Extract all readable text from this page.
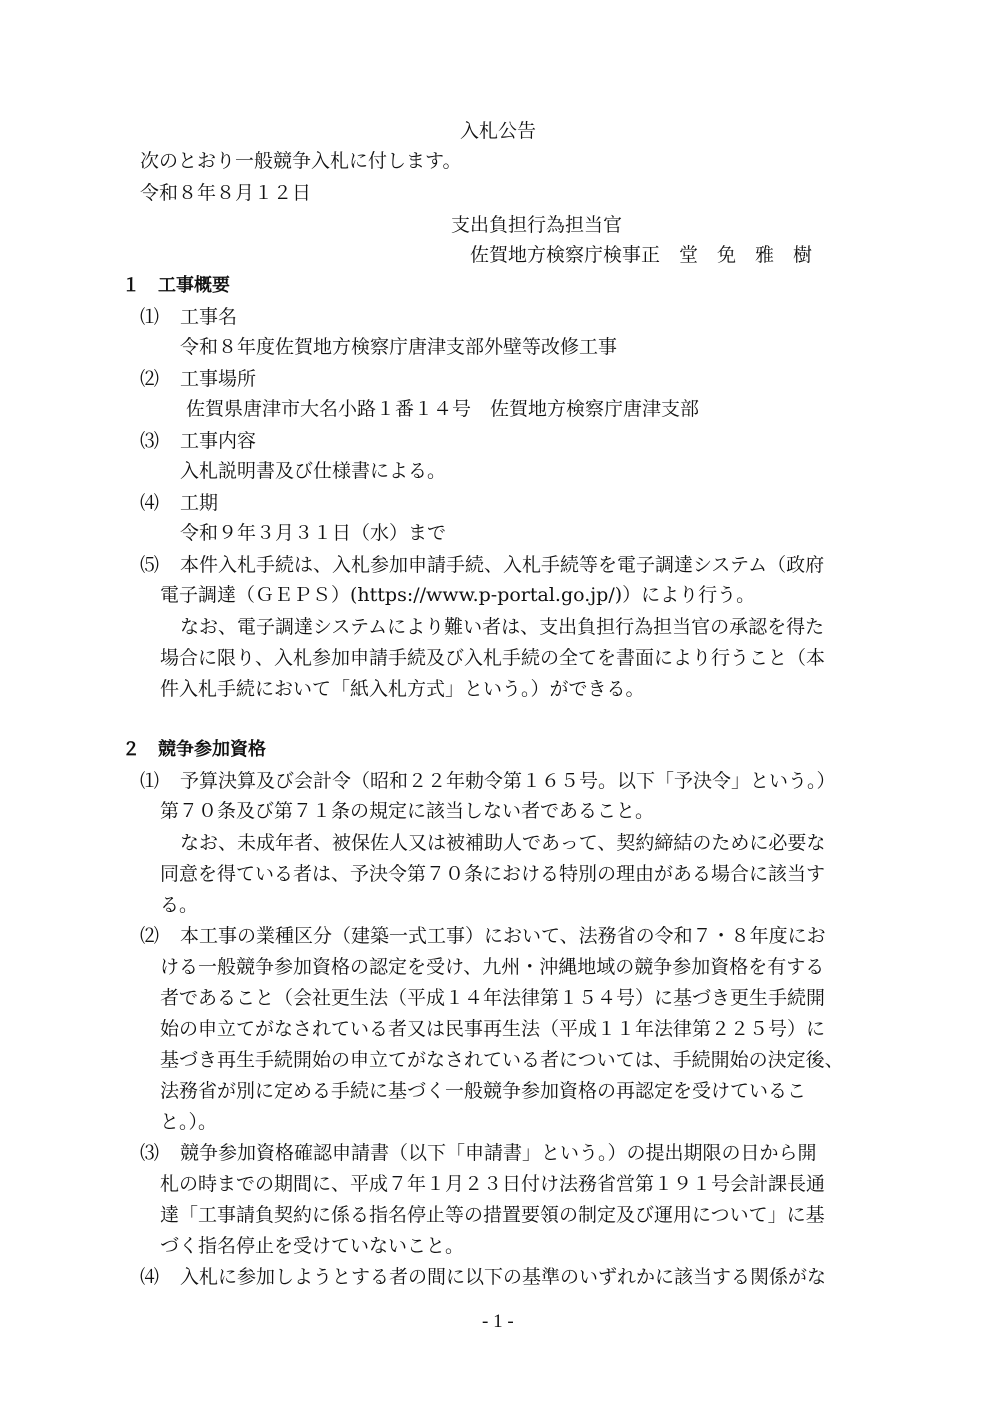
入札公告
次のとおり一般競争入札に付します。
令和８年８月１２日
支出負担行為担当官
佐賀地方検察庁検事正　堂　免　雅　樹
１　工事概要
⑴ 工事名
令和８年度佐賀地方検察庁唐津支部外壁等改修工事
⑵ 工事場所
佐賀県唐津市大名小路１番１４号　佐賀地方検察庁唐津支部
⑶ 工事内容
入札説明書及び仕様書による。
⑷ 工期
令和９年３月３１日（水）まで
⑸ 本件入札手続は、入札参加申請手続、入札手続等を電子調達システム（政府
電子調達（ＧＥＰＳ）(https://www.p-portal.go.jp/)）により行う。
なお、電子調達システムにより難い者は、支出負担行為担当官の承認を得た
場合に限り、入札参加申請手続及び入札手続の全てを書面により行うこと（本
件入札手続において「紙入札方式」という。）ができる。
２　競争参加資格
⑴ 予算決算及び会計令（昭和２２年勅令第１６５号。以下「予決令」という。）
第７０条及び第７１条の規定に該当しない者であること。
なお、未成年者、被保佐人又は被補助人であって、契約締結のために必要な
同意を得ている者は、予決令第７０条における特別の理由がある場合に該当す
る。
⑵ 本工事の業種区分（建築一式工事）において、法務省の令和７・８年度にお
ける一般競争参加資格の認定を受け、九州・沖縄地域の競争参加資格を有する
者であること（会社更生法（平成１４年法律第１５４号）に基づき更生手続開
始の申立てがなされている者又は民事再生法（平成１１年法律第２２５号）に
基づき再生手続開始の申立てがなされている者については、手続開始の決定後、
法務省が別に定める手続に基づく一般競争参加資格の再認定を受けているこ
と。）。
⑶ 競争参加資格確認申請書（以下「申請書」という。）の提出期限の日から開
札の時までの期間に、平成７年１月２３日付け法務省営第１９１号会計課長通
達「工事請負契約に係る指名停止等の措置要領の制定及び運用について」に基
づく指名停止を受けていないこと。
⑷ 入札に参加しようとする者の間に以下の基準のいずれかに該当する関係がな
- 1 -
